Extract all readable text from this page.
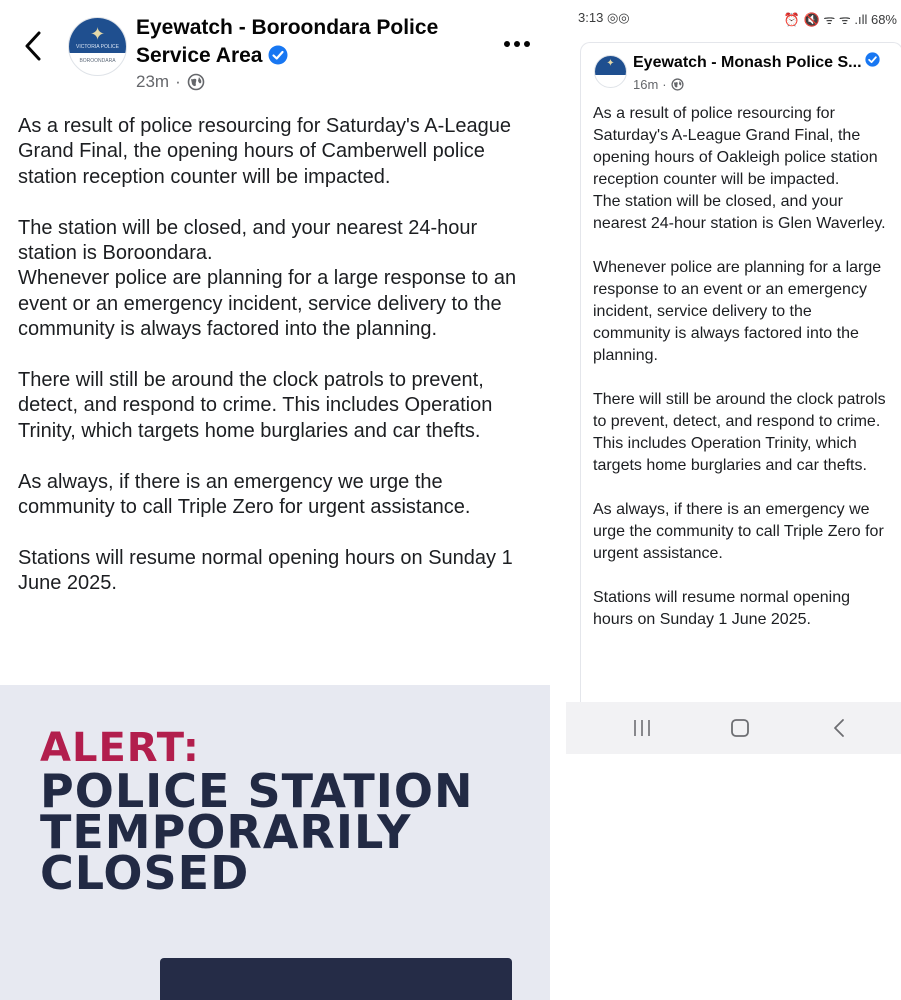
✦
VICTORIA POLICE
BOROONDARA
Eyewatch - Boroondara Police Service Area
23m ·

As a result of police resourcing for Saturday's A-League Grand Final, the opening hours of Camberwell police station reception counter will be impacted.

The station will be closed, and your nearest 24-hour station is Boroondara.

Whenever police are planning for a large response to an event or an emergency incident, service delivery to the community is always factored into the planning.

There will still be around the clock patrols to prevent, detect, and respond to crime. This includes Operation Trinity, which targets home burglaries and car thefts.

As always, if there is an emergency we urge the community to call Triple Zero for urgent assistance.

Stations will resume normal opening hours on Sunday 1 June 2025.

ALERT:
POLICE STATION
TEMPORARILY
CLOSED
3:13 ◎◎	⏰ 🔇 ᯤ ᯤ .ıll 68%
✦ Eyewatch - Monash Police S...
16m ·

As a result of police resourcing for Saturday's A-League Grand Final, the opening hours of Oakleigh police station reception counter will be impacted.

The station will be closed, and your nearest 24-hour station is Glen Waverley.

Whenever police are planning for a large response to an event or an emergency incident, service delivery to the community is always factored into the planning.

There will still be around the clock patrols to prevent, detect, and respond to crime. This includes Operation Trinity, which targets home burglaries and car thefts.

As always, if there is an emergency we urge the community to call Triple Zero for urgent assistance.

Stations will resume normal opening hours on Sunday 1 June 2025.
